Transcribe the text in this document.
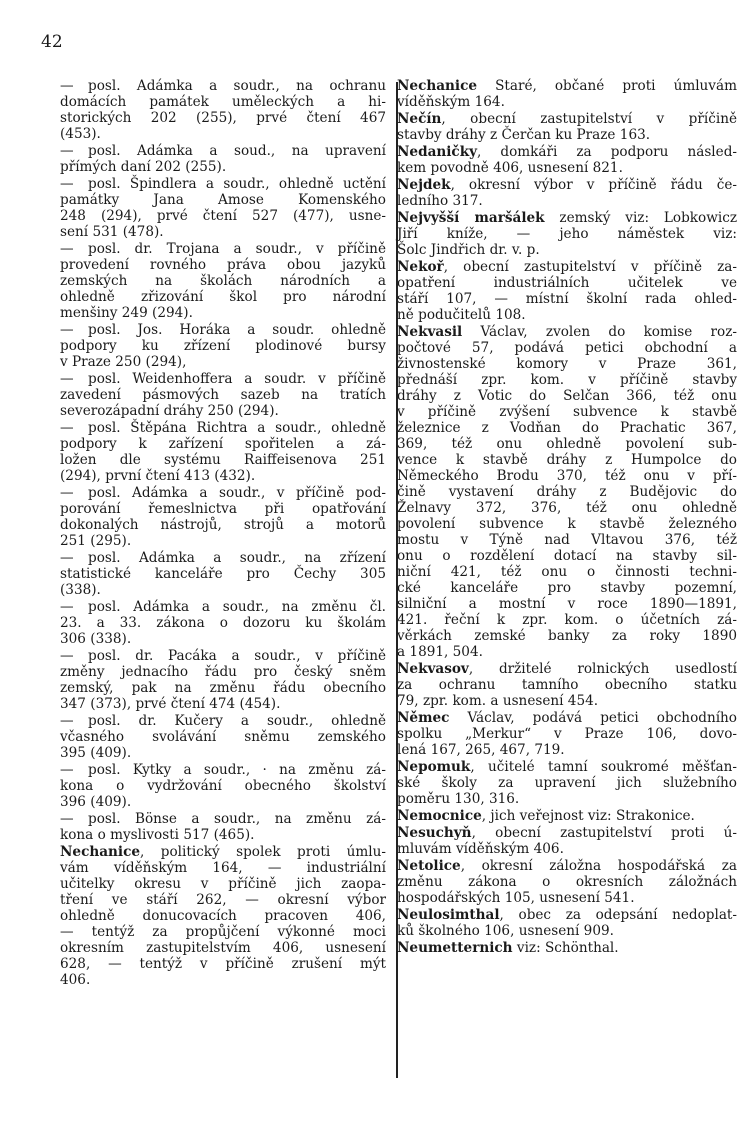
42
— posl. Adámka a soudr., na ochranu
domácích památek uměleckých a hi-
storických 202 (255), prvé čtení 467
(453).
— posl. Adámka a soud., na upravení
přímých daní 202 (255).
— posl. Špindlera a soudr., ohledně uctění
památky Jana Amose Komenského
248 (294), prvé čtení 527 (477), usne-
sení 531 (478).
— posl. dr. Trojana a soudr., v příčině
provedení rovného práva obou jazyků
zemských na školách národních a
ohledně zřizování škol pro národní
menšiny 249 (294).
— posl. Jos. Horáka a soudr. ohledně
podpory ku zřízení plodinové bursy
v Praze 250 (294),
— posl. Weidenhoffera a soudr. v příčině
zavedení pásmových sazeb na tratích
severozápadní dráhy 250 (294).
— posl. Štěpána Richtra a soudr., ohledně
podpory k zařízení spořitelen a zá-
ložen dle systému Raiffeisenova 251
(294), první čtení 413 (432).
— posl. Adámka a soudr., v příčině pod-
porování řemeslnictva při opatřování
dokonalých nástrojů, strojů a motorů
251 (295).
— posl. Adámka a soudr., na zřízení
statistické kanceláře pro Čechy 305
(338).
— posl. Adámka a soudr., na změnu čl.
23. a 33. zákona o dozoru ku školám
306 (338).
— posl. dr. Pacáka a soudr., v příčině
změny jednacího řádu pro český sněm
zemský, pak na změnu řádu obecního
347 (373), prvé čtení 474 (454).
— posl. dr. Kučery a soudr., ohledně
včasného svolávání sněmu zemského
395 (409).
— posl. Kytky a soudr., · na změnu zá-
kona o vydržování obecného školství
396 (409).
— posl. Bönse a soudr., na změnu zá-
kona o myslivosti 517 (465).
Nechanice, politický spolek proti úmlu-
vám víděňským 164, — industriální
učitelky okresu v příčině jich zaopa-
tření ve stáří 262, — okresní výbor
ohledně donucovacích pracoven 406,
— tentýž za propůjčení výkonné moci
okresním zastupitelstvím 406, usnesení
628, — tentýž v příčině zrušení mýt
406.
Nechanice Staré, občané proti úmluvám
víděňským 164.
Nečín, obecní zastupitelství v příčině
stavby dráhy z Čerčan ku Praze 163.
Nedaničky, domkáři za podporu násled-
kem povodně 406, usnesení 821.
Nejdek, okresní výbor v příčině řádu če-
ledního 317.
Nejvyšší maršálek zemský viz: Lobkowicz
Jiří kníže, — jeho náměstek viz:
Šolc Jindřich dr. v. p.
Nekoř, obecní zastupitelství v příčině za-
opatření industriálních učitelek ve
stáří 107, — místní školní rada ohled-
ně podučitelů 108.
Nekvasil Václav, zvolen do komise roz-
počtové 57, podává petici obchodní a
živnostenské komory v Praze 361,
přednáší zpr. kom. v příčině stavby
dráhy z Votic do Selčan 366, též onu
v příčině zvýšení subvence k stavbě
železnice z Vodňan do Prachatic 367,
369, též onu ohledně povolení sub-
vence k stavbě dráhy z Humpolce do
Německého Brodu 370, též onu v pří-
čině vystavení dráhy z Budějovic do
Želnavy 372, 376, též onu ohledně
povolení subvence k stavbě železného
mostu v Týně nad Vltavou 376, též
onu o rozdělení dotací na stavby sil-
niční 421, též onu o činnosti techni-
cké kanceláře pro stavby pozemní,
silniční a mostní v roce 1890—1891,
421. řeční k zpr. kom. o účetních zá-
věrkách zemské banky za roky 1890
a 1891, 504.
Nekvasov, držitelé rolnických usedlostí
za ochranu tamního obecního statku
79, zpr. kom. a usnesení 454.
Němec Václav, podává petici obchodního
spolku „Merkur“ v Praze 106, dovo-
lená 167, 265, 467, 719.
Nepomuk, učitelé tamní soukromé měšťan-
ské školy za upravení jich služebního
poměru 130, 316.
Nemocnice, jich veřejnost viz: Strakonice.
Nesuchyň, obecní zastupitelství proti ú-
mluvám víděňským 406.
Netolice, okresní záložna hospodářská za
změnu zákona o okresních záložnách
hospodářských 105, usnesení 541.
Neulosimthal, obec za odepsání nedoplat-
ků školného 106, usnesení 909.
Neumetternich viz: Schönthal.
